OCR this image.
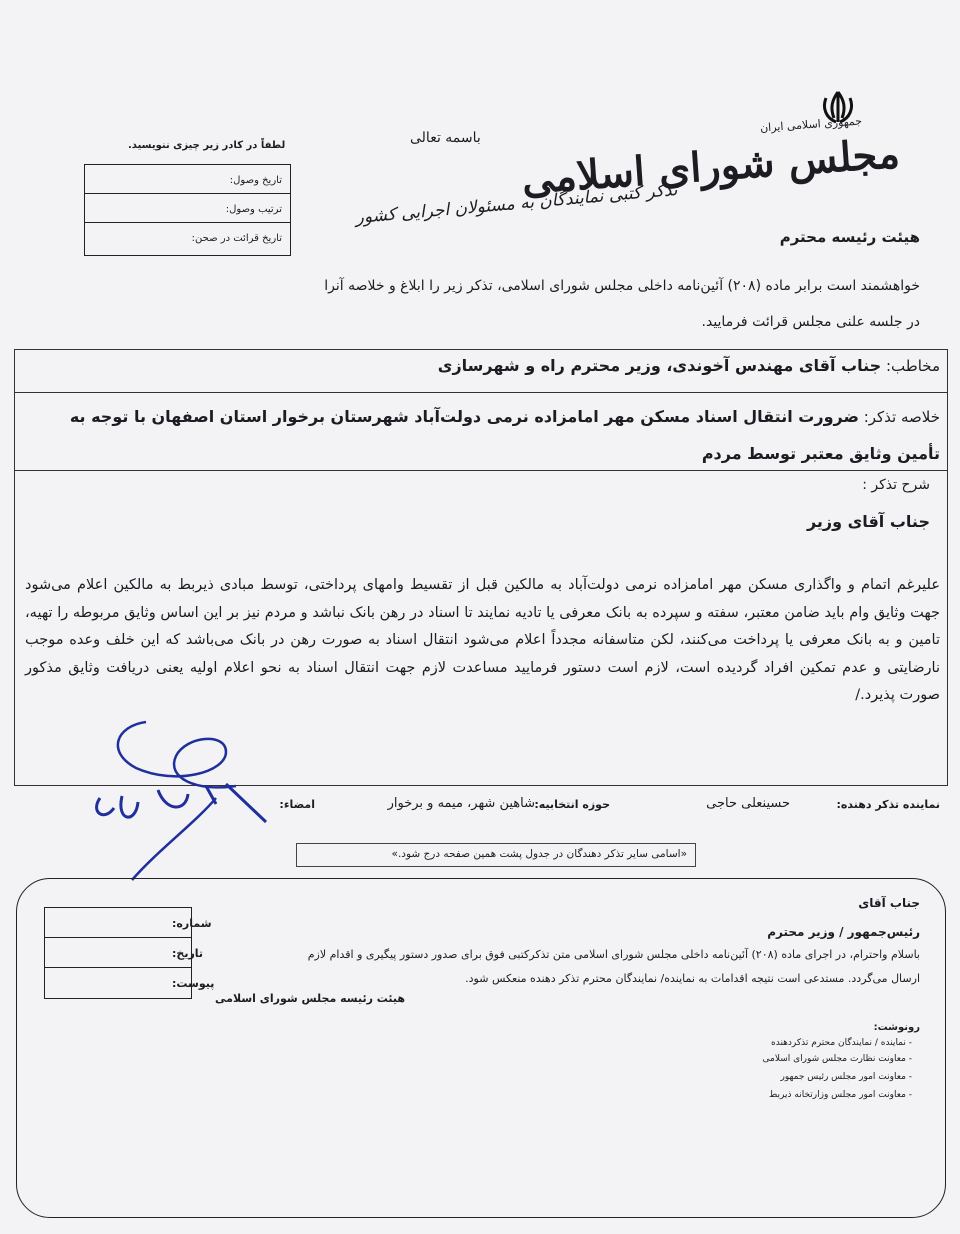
جمهوری اسلامی ایران
مجلس شورای اسلامی
هیئت رئیسه محترم
باسمه تعالی
تذکر کتبی نمایندگان به مسئولان اجرایی کشور
لطفاً در کادر زیر چیزی ننویسید.
تاریخ وصول:
ترتیب وصول:
تاریخ قرائت در صحن:
خواهشمند است برابر ماده (۲۰۸) آئین‌نامه داخلی مجلس شورای اسلامی، تذکر زیر را ابلاغ و خلاصه آنرا
در جلسه علنی مجلس قرائت فرمایید.
مخاطب: جناب آقای مهندس آخوندی، وزیر محترم راه و شهرسازی
خلاصه تذکر: ضرورت انتقال اسناد مسکن مهر امامزاده نرمی دولت‌آباد شهرستان برخوار استان اصفهان با توجه به تأمین وثایق معتبر توسط مردم
شرح تذکر :
جناب آقای وزیر
علیرغم اتمام و واگذاری مسکن مهر امامزاده نرمی دولت‌آباد به مالکین قبل از تقسیط وامهای پرداختی، توسط مبادی ذیربط به مالکین اعلام می‌شود جهت وثایق وام باید ضامن معتبر، سفته و سپرده به بانک معرفی یا تادیه نمایند تا اسناد در رهن بانک نباشد و مردم نیز بر این اساس وثایق مربوطه را تهیه، تامین و به بانک معرفی یا پرداخت می‌کنند، لکن متاسفانه مجدداً اعلام می‌شود انتقال اسناد به صورت رهن در بانک می‌باشد که این خلف وعده موجب نارضایتی و عدم تمکین افراد گردیده است، لازم است دستور فرمایید مساعدت لازم جهت انتقال اسناد به نحو اعلام اولیه یعنی دریافت وثایق مذکور صورت پذیرد./
نماینده تذکر دهنده:
حسینعلی حاجی
حوزه انتخابیه:
شاهین شهر، میمه و برخوار
امضاء:
«اسامی سایر تذکر دهندگان در جدول پشت همین صفحه درج شود.»
۹۶/۶/۱
جناب آقای
رئیس‌جمهور / وزیر محترم
باسلام واحترام، در اجرای ماده (۲۰۸) آئین‌نامه داخلی مجلس شورای اسلامی متن تذکرکتبی فوق برای صدور دستور پیگیری و اقدام لازم
ارسال می‌گردد. مستدعی است نتیجه اقدامات به نماینده/ نمایندگان محترم تذکر دهنده منعکس شود.
هیئت رئیسه مجلس شورای اسلامی
رونوشت:
- نماینده / نمایندگان محترم تذکردهنده
- معاونت نظارت مجلس شورای اسلامی
- معاونت امور مجلس رئیس جمهور
- معاونت امور مجلس وزارتخانه ذیربط
شماره:
تاریخ:
پیوست:
